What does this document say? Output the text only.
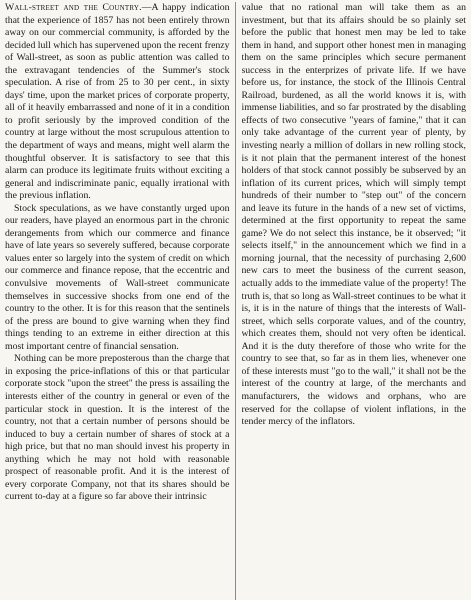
Wall-street and the Country.—A happy indication that the experience of 1857 has not been entirely thrown away on our commercial community, is afforded by the decided lull which has supervened upon the recent frenzy of Wall-street, as soon as public attention was called to the extravagant tendencies of the Summer's stock speculation. A rise of from 25 to 30 per cent., in sixty days' time, upon the market prices of corporate property, all of it heavily embarrassed and none of it in a condition to profit seriously by the improved condition of the country at large without the most scrupulous attention to the department of ways and means, might well alarm the thoughtful observer. It is satisfactory to see that this alarm can produce its legitimate fruits without exciting a general and indiscriminate panic, equally irrational with the previous inflation.

Stock speculations, as we have constantly urged upon our readers, have played an enormous part in the chronic derangements from which our commerce and finance have of late years so severely suffered, because corporate values enter so largely into the system of credit on which our commerce and finance repose, that the eccentric and convulsive movements of Wall-street communicate themselves in successive shocks from one end of the country to the other. It is for this reason that the sentinels of the press are bound to give warning when they find things tending to an extreme in either direction at this most important centre of financial sensation.

Nothing can be more preposterous than the charge that in exposing the price-inflations of this or that particular corporate stock "upon the street" the press is assailing the interests either of the country in general or even of the particular stock in question. It is the interest of the country, not that a certain number of persons should be induced to buy a certain number of shares of stock at a high price, but that no man should invest his property in anything which he may not hold with reasonable prospect of reasonable profit. And it is the interest of every corporate Company, not that its shares should be current to-day at a figure so far above their intrinsic

value that no rational man will take them as an investment, but that its affairs should be so plainly set before the public that honest men may be led to take them in hand, and support other honest men in managing them on the same principles which secure permanent success in the enterprizes of private life. If we have before us, for instance, the stock of the Illinois Central Railroad, burdened, as all the world knows it is, with immense liabilities, and so far prostrated by the disabling effects of two consecutive "years of famine," that it can only take advantage of the current year of plenty, by investing nearly a million of dollars in new rolling stock, is it not plain that the permanent interest of the honest holders of that stock cannot possibly be subserved by an inflation of its current prices, which will simply tempt hundreds of their number to "step out" of the concern and leave its future in the hands of a new set of victims, determined at the first opportunity to repeat the same game? We do not select this instance, be it observed; "it selects itself," in the announcement which we find in a morning journal, that the necessity of purchasing 2,600 new cars to meet the business of the current season, actually adds to the immediate value of the property! The truth is, that so long as Wall-street continues to be what it is, it is in the nature of things that the interests of Wall-street, which sells corporate values, and of the country, which creates them, should not very often be identical. And it is the duty therefore of those who write for the country to see that, so far as in them lies, whenever one of these interests must "go to the wall," it shall not be the interest of the country at large, of the merchants and manufacturers, the widows and orphans, who are reserved for the collapse of violent inflations, in the tender mercy of the inflators.
